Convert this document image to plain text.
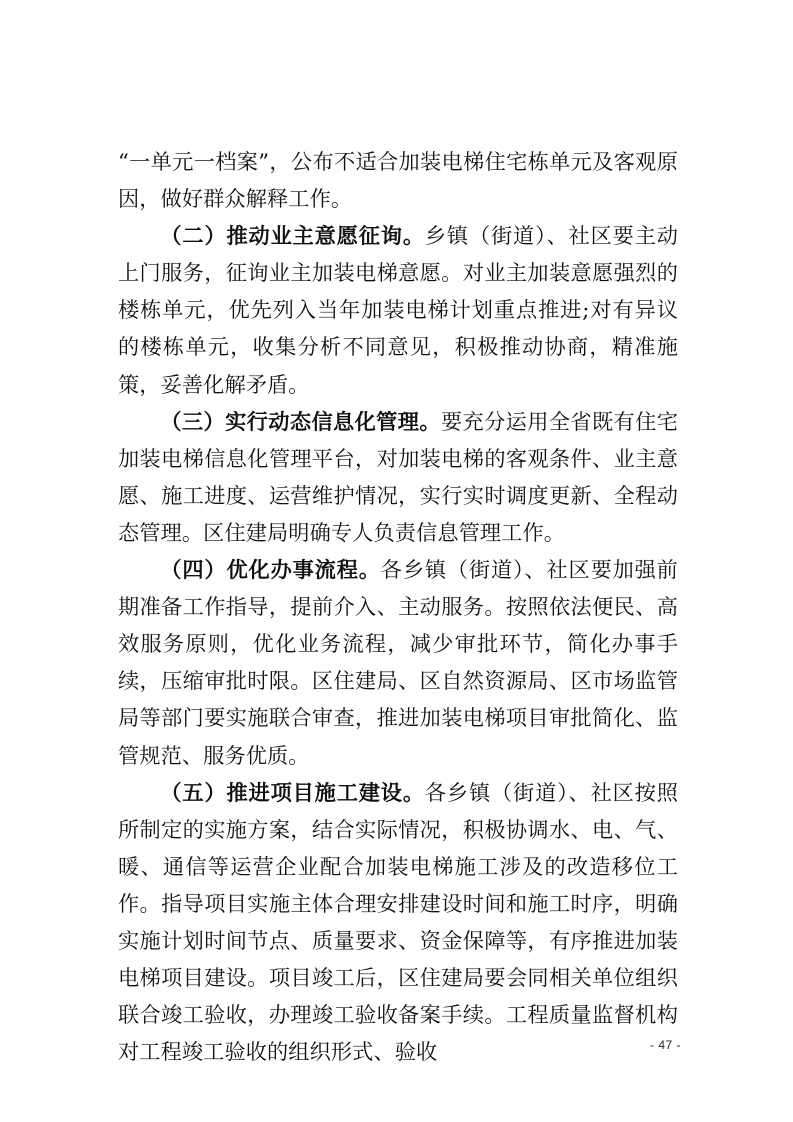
“一单元一档案”，公布不适合加装电梯住宅栋单元及客观原因，做好群众解释工作。

（二）推动业主意愿征询。乡镇（街道）、社区要主动上门服务，征询业主加装电梯意愿。对业主加装意愿强烈的楼栋单元，优先列入当年加装电梯计划重点推进;对有异议的楼栋单元，收集分析不同意见，积极推动协商，精准施策，妥善化解矛盾。

（三）实行动态信息化管理。要充分运用全省既有住宅加装电梯信息化管理平台，对加装电梯的客观条件、业主意愿、施工进度、运营维护情况，实行实时调度更新、全程动态管理。区住建局明确专人负责信息管理工作。

（四）优化办事流程。各乡镇（街道）、社区要加强前期准备工作指导，提前介入、主动服务。按照依法便民、高效服务原则，优化业务流程，减少审批环节，简化办事手续，压缩审批时限。区住建局、区自然资源局、区市场监管局等部门要实施联合审查，推进加装电梯项目审批简化、监管规范、服务优质。

（五）推进项目施工建设。各乡镇（街道）、社区按照所制定的实施方案，结合实际情况，积极协调水、电、气、暖、通信等运营企业配合加装电梯施工涉及的改造移位工作。指导项目实施主体合理安排建设时间和施工时序，明确实施计划时间节点、质量要求、资金保障等，有序推进加装电梯项目建设。项目竣工后，区住建局要会同相关单位组织联合竣工验收，办理竣工验收备案手续。工程质量监督机构对工程竣工验收的组织形式、验收	- 47 -
